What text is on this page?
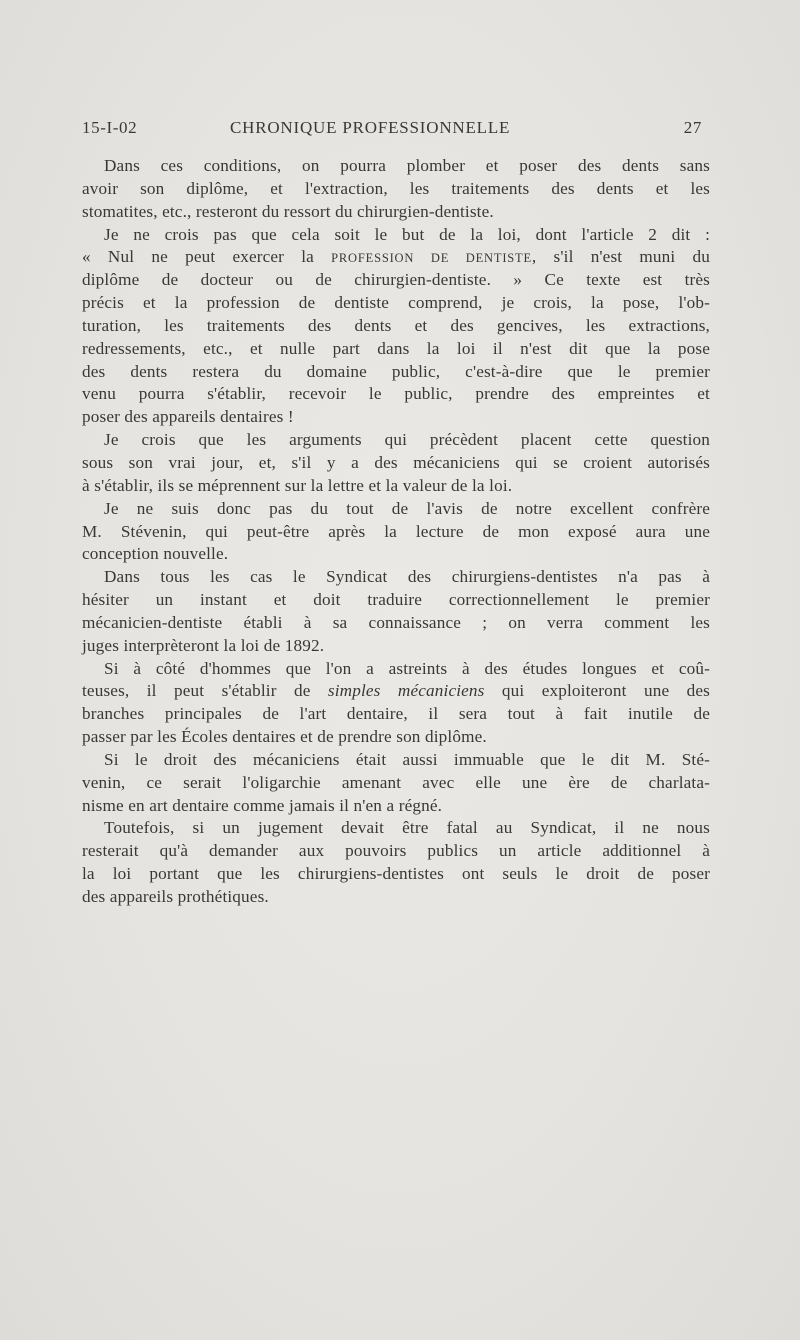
15-I-02	CHRONIQUE PROFESSIONNELLE	27
Dans ces conditions, on pourra plomber et poser des dents sans
avoir son diplôme, et l'extraction, les traitements des dents et les
stomatites, etc., resteront du ressort du chirurgien-dentiste.
Je ne crois pas que cela soit le but de la loi, dont l'article 2 dit :
« Nul ne peut exercer la PROFESSION DE DENTISTE, s'il n'est muni du
diplôme de docteur ou de chirurgien-dentiste. » Ce texte est très
précis et la profession de dentiste comprend, je crois, la pose, l'ob-
turation, les traitements des dents et des gencives, les extractions,
redressements, etc., et nulle part dans la loi il n'est dit que la pose
des dents restera du domaine public, c'est-à-dire que le premier
venu pourra s'établir, recevoir le public, prendre des empreintes et
poser des appareils dentaires !
Je crois que les arguments qui précèdent placent cette question
sous son vrai jour, et, s'il y a des mécaniciens qui se croient autorisés
à s'établir, ils se méprennent sur la lettre et la valeur de la loi.
Je ne suis donc pas du tout de l'avis de notre excellent confrère
M. Stévenin, qui peut-être après la lecture de mon exposé aura une
conception nouvelle.
Dans tous les cas le Syndicat des chirurgiens-dentistes n'a pas à
hésiter un instant et doit traduire correctionnellement le premier
mécanicien-dentiste établi à sa connaissance ; on verra comment les
juges interprèteront la loi de 1892.
Si à côté d'hommes que l'on a astreints à des études longues et coû-
teuses, il peut s'établir de simples mécaniciens qui exploiteront une des
branches principales de l'art dentaire, il sera tout à fait inutile de
passer par les Écoles dentaires et de prendre son diplôme.
Si le droit des mécaniciens était aussi immuable que le dit M. Sté-
venin, ce serait l'oligarchie amenant avec elle une ère de charlata-
nisme en art dentaire comme jamais il n'en a régné.
Toutefois, si un jugement devait être fatal au Syndicat, il ne nous
resterait qu'à demander aux pouvoirs publics un article additionnel à
la loi portant que les chirurgiens-dentistes ont seuls le droit de poser
des appareils prothétiques.
